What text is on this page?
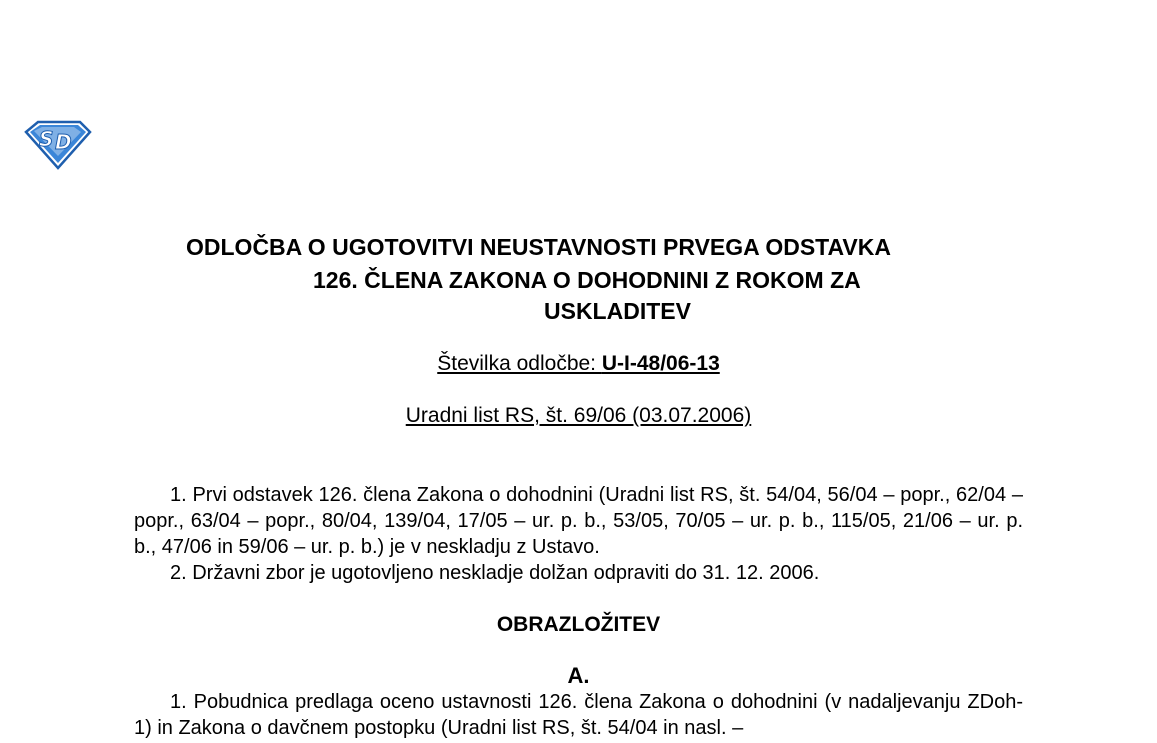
S D
ODLOČBA O UGOTOVITVI NEUSTAVNOSTI PRVEGA ODSTAVKA
126. ČLENA ZAKONA O DOHODNINI Z ROKOM ZA
USKLADITEV
Številka odločbe: U-I-48/06-13
Uradni list RS, št. 69/06 (03.07.2006)

1. Prvi odstavek 126. člena Zakona o dohodnini (Uradni list RS, št. 54/04, 56/04 – popr., 62/04 – popr., 63/04 – popr., 80/04, 139/04, 17/05 – ur. p. b., 53/05, 70/05 – ur. p. b., 115/05, 21/06 – ur. p. b., 47/06 in 59/06 – ur. p. b.) je v neskladju z Ustavo.

2. Državni zbor je ugotovljeno neskladje dolžan odpraviti do 31. 12. 2006.

OBRAZLOŽITEV
A.

1. Pobudnica predlaga oceno ustavnosti 126. člena Zakona o dohodnini (v nadaljevanju ZDoh-1) in Zakona o davčnem postopku (Uradni list RS, št. 54/04 in nasl. –
